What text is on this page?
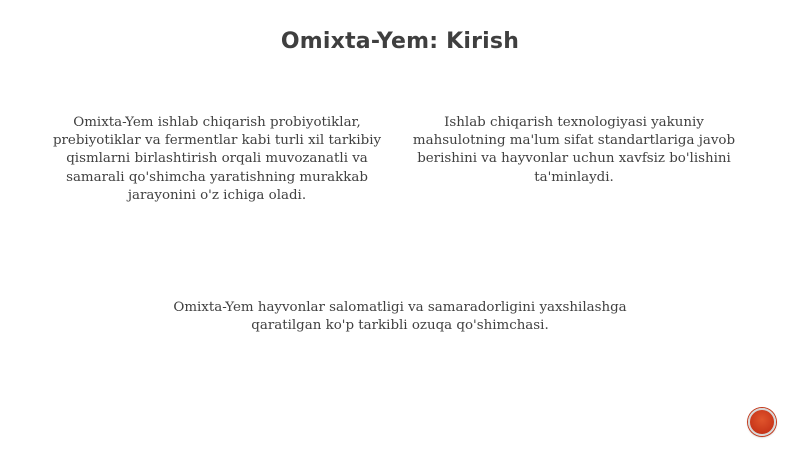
Omixta-Yem: Kirish
Omixta-Yem ishlab chiqarish probiyotiklar, prebiyotiklar va fermentlar kabi turli xil tarkibiy qismlarni birlashtirish orqali muvozanatli va samarali qo'shimcha yaratishning murakkab jarayonini o'z ichiga oladi.
Ishlab chiqarish texnologiyasi yakuniy mahsulotning ma'lum sifat standartlariga javob berishini va hayvonlar uchun xavfsiz bo'lishini ta'minlaydi.
Omixta-Yem hayvonlar salomatligi va samaradorligini yaxshilashga qaratilgan ko'p tarkibli ozuqa qo'shimchasi.
